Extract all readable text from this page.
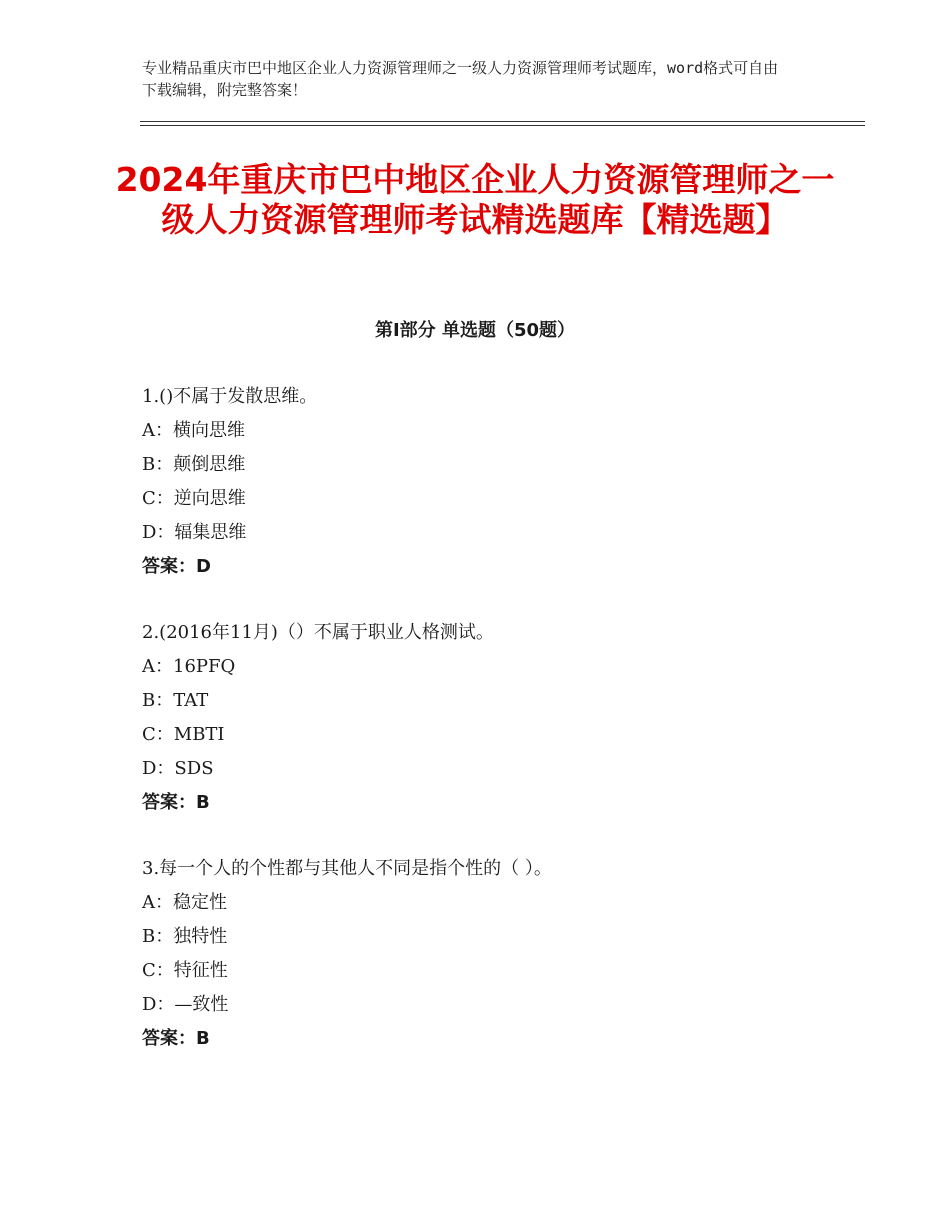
专业精品重庆市巴中地区企业人力资源管理师之一级人力资源管理师考试题库，word格式可自由下载编辑，附完整答案！
2024年重庆市巴中地区企业人力资源管理师之一级人力资源管理师考试精选题库【精选题】
第Ⅰ部分 单选题（50题）
1.()不属于发散思维。
A：横向思维
B：颠倒思维
C：逆向思维
D：辐集思维
答案：D
2.(2016年11月)（）不属于职业人格测试。
A：16PFQ
B：TAT
C：MBTI
D：SDS
答案：B
3.每一个人的个性都与其他人不同是指个性的（ ）。
A：稳定性
B：独特性
C：特征性
D：—致性
答案：B
